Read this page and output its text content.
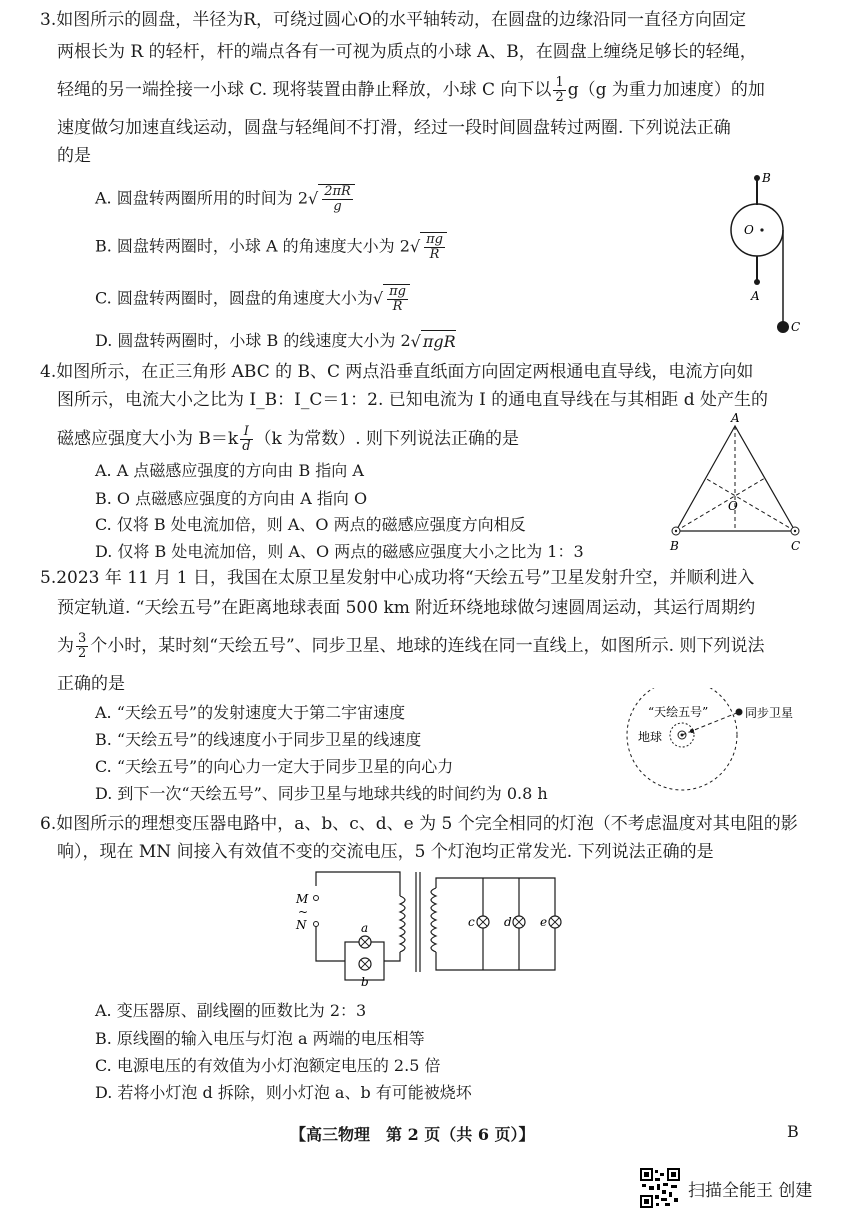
3.如图所示的圆盘，半径为R，可绕过圆心O的水平轴转动，在圆盘的边缘沿同一直径方向固定
两根长为 R 的轻杆，杆的端点各有一可视为质点的小球 A、B，在圆盘上缠绕足够长的轻绳，
轻绳的另一端拴接一小球 C. 现将装置由静止释放，小球 C 向下以 $\frac{1}{2} g(g$ 为重力加速度）的加
速度做匀加速直线运动，圆盘与轻绳间不打滑，经过一段时间圆盘转过两圈. 下列说法正确
的是
A. 圆盘转两圈所用的时间为 $2√ \frac{2\pi R}{g}$
B. 圆盘转两圈时，小球 A 的角速度大小为 $2√ \frac{\pi g}{R}$
C. 圆盘转两圈时，圆盘的角速度大小为√ $\frac{\pi g}{R}$
D. 圆盘转两圈时，小球 B 的线速度大小为 2√ πgR
B
O
A
C
4.如图所示，在正三角形 ABC 的 B、C 两点沿垂直纸面方向固定两根通电直导线，电流方向如
图所示，电流大小之比为 I_B：I_C＝1：2. 已知电流为 I 的通电直导线在与其相距 d 处产生的
磁感应强度大小为 $B=k \frac{I}{d} (k$ 为常数）. 则下列说法正确的是
A. A 点磁感应强度的方向由 B 指向 A
B. O 点磁感应强度的方向由 A 指向 O
C. 仅将 B 处电流加倍，则 A、O 两点的磁感应强度方向相反
D. 仅将 B 处电流加倍，则 A、O 两点的磁感应强度大小之比为 1：3
A
O
B	C
5.2023 年 11 月 1 日，我国在太原卫星发射中心成功将“天绘五号”卫星发射升空，并顺利进入
预定轨道. “天绘五号”在距离地球表面 500 km 附近环绕地球做匀速圆周运动，其运行周期约
为 $\frac{3}{2}$ 个小时，某时刻“天绘五号”、同步卫星、地球的连线在同一直线上，如图所示. 则下列说法
正确的是
A. “天绘五号”的发射速度大于第二宇宙速度
B. “天绘五号”的线速度小于同步卫星的线速度
C. “天绘五号”的向心力一定大于同步卫星的向心力
D. 到下一次“天绘五号”、同步卫星与地球共线的时间约为 0.8 h
“天绘五号”	同步卫星
地球
6.如图所示的理想变压器电路中，a、b、c、d、e 为 5 个完全相同的灯泡（不考虑温度对其电阻的影
响），现在 MN 间接入有效值不变的交流电压，5 个灯泡均正常发光. 下列说法正确的是
a
b
M
~
N	c d e
A. 变压器原、副线圈的匝数比为 2：3
B. 原线圈的输入电压与灯泡 a 两端的电压相等
C. 电源电压的有效值为小灯泡额定电压的 2.5 倍
D. 若将小灯泡 d 拆除，则小灯泡 a、b 有可能被烧坏
【高三物理　第 2 页（共 6 页）】	B
扫描全能王 创建
